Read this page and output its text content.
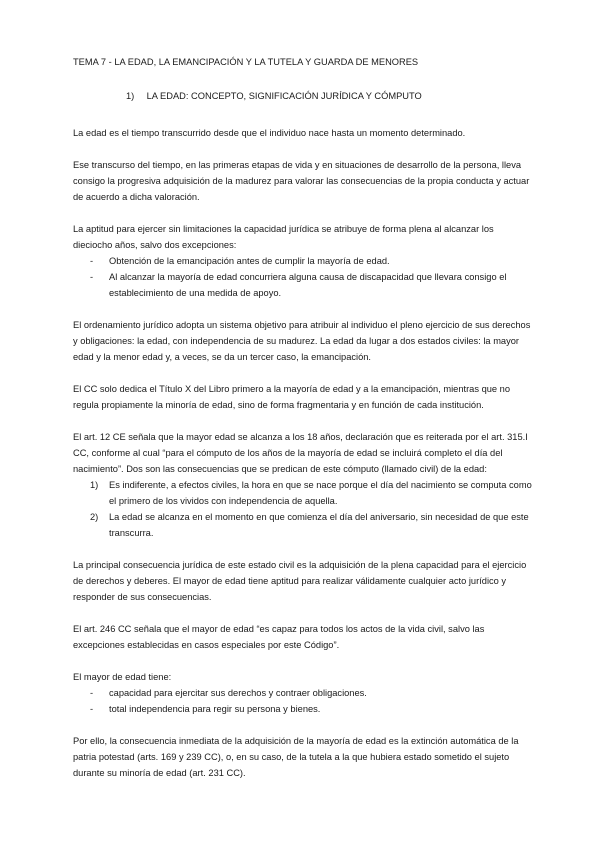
TEMA 7 - LA EDAD, LA EMANCIPACIÓN Y LA TUTELA Y GUARDA DE MENORES
1) LA EDAD: CONCEPTO, SIGNIFICACIÓN JURÍDICA Y CÓMPUTO

La edad es el tiempo transcurrido desde que el individuo nace hasta un momento determinado.

Ese transcurso del tiempo, en las primeras etapas de vida y en situaciones de desarrollo de la persona, lleva consigo la progresiva adquisición de la madurez para valorar las consecuencias de la propia conducta y actuar de acuerdo a dicha valoración.

La aptitud para ejercer sin limitaciones la capacidad jurídica se atribuye de forma plena al alcanzar los dieciocho años, salvo dos excepciones:

- Obtención de la emancipación antes de cumplir la mayoría de edad.
- Al alcanzar la mayoría de edad concurriera alguna causa de discapacidad que llevara consigo el establecimiento de una medida de apoyo.

El ordenamiento jurídico adopta un sistema objetivo para atribuir al individuo el pleno ejercicio de sus derechos y obligaciones: la edad, con independencia de su madurez. La edad da lugar a dos estados civiles: la mayor edad y la menor edad y, a veces, se da un tercer caso, la emancipación.

El CC solo dedica el Título X del Libro primero a la mayoría de edad y a la emancipación, mientras que no regula propiamente la minoría de edad, sino de forma fragmentaria y en función de cada institución.

El art. 12 CE señala que la mayor edad se alcanza a los 18 años, declaración que es reiterada por el art. 315.I CC, conforme al cual “para el cómputo de los años de la mayoría de edad se incluirá completo el día del nacimiento”. Dos son las consecuencias que se predican de este cómputo (llamado civil) de la edad:

1) Es indiferente, a efectos civiles, la hora en que se nace porque el día del nacimiento se computa como el primero de los vividos con independencia de aquella.
2) La edad se alcanza en el momento en que comienza el día del aniversario, sin necesidad de que este transcurra.

La principal consecuencia jurídica de este estado civil es la adquisición de la plena capacidad para el ejercicio de derechos y deberes. El mayor de edad tiene aptitud para realizar válidamente cualquier acto jurídico y responder de sus consecuencias.

El art. 246 CC señala que el mayor de edad “es capaz para todos los actos de la vida civil, salvo las excepciones establecidas en casos especiales por este Código”.

El mayor de edad tiene:

- capacidad para ejercitar sus derechos y contraer obligaciones.
- total independencia para regir su persona y bienes.

Por ello, la consecuencia inmediata de la adquisición de la mayoría de edad es la extinción automática de la patria potestad (arts. 169 y 239 CC), o, en su caso, de la tutela a la que hubiera estado sometido el sujeto durante su minoría de edad (art. 231 CC).
